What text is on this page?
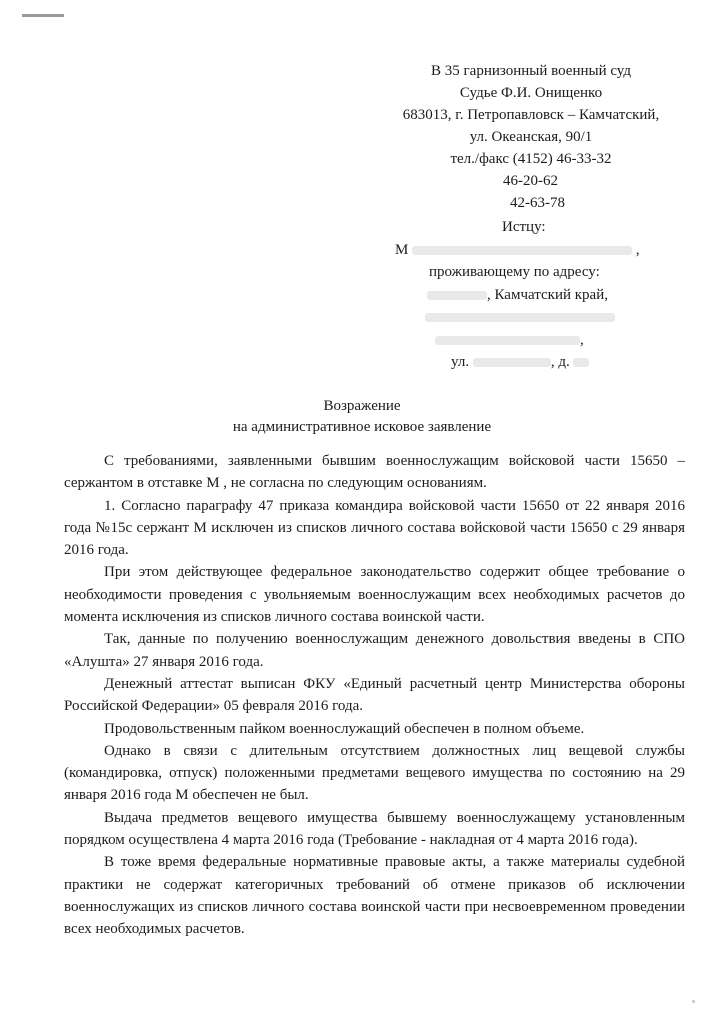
В 35 гарнизонный военный суд
Судье Ф.И. Онищенко
683013, г. Петропавловск – Камчатский,
ул. Океанская, 90/1
тел./факс (4152) 46-33-32
46-20-62
42-63-78
Истцу:
М	,
проживающему по адресу:
, Камчатский край,
,
ул.	, д.
Возражение
на административное исковое заявление

С требованиями, заявленными бывшим военнослужащим войсковой части 15650 – сержантом в отставке М , не согласна по следующим основаниям.

1. Согласно параграфу 47 приказа командира войсковой части 15650 от 22 января 2016 года №15с сержант М исключен из списков личного состава войсковой части 15650 с 29 января 2016 года.

При этом действующее федеральное законодательство содержит общее требование о необходимости проведения с увольняемым военнослужащим всех необходимых расчетов до момента исключения из списков личного состава воинской части.

Так, данные по получению военнослужащим денежного довольствия введены в СПО «Алушта» 27 января 2016 года.

Денежный аттестат выписан ФКУ «Единый расчетный центр Министерства обороны Российской Федерации» 05 февраля 2016 года.

Продовольственным пайком военнослужащий обеспечен в полном объеме.

Однако в связи с длительным отсутствием должностных лиц вещевой службы (командировка, отпуск) положенными предметами вещевого имущества по состоянию на 29 января 2016 года М обеспечен не был.

Выдача предметов вещевого имущества бывшему военнослужащему установленным порядком осуществлена 4 марта 2016 года (Требование - накладная от 4 марта 2016 года).

В тоже время федеральные нормативные правовые акты, а также материалы судебной практики не содержат категоричных требований об отмене приказов об исключении военнослужащих из списков личного состава воинской части при несвоевременном проведении всех необходимых расчетов.
